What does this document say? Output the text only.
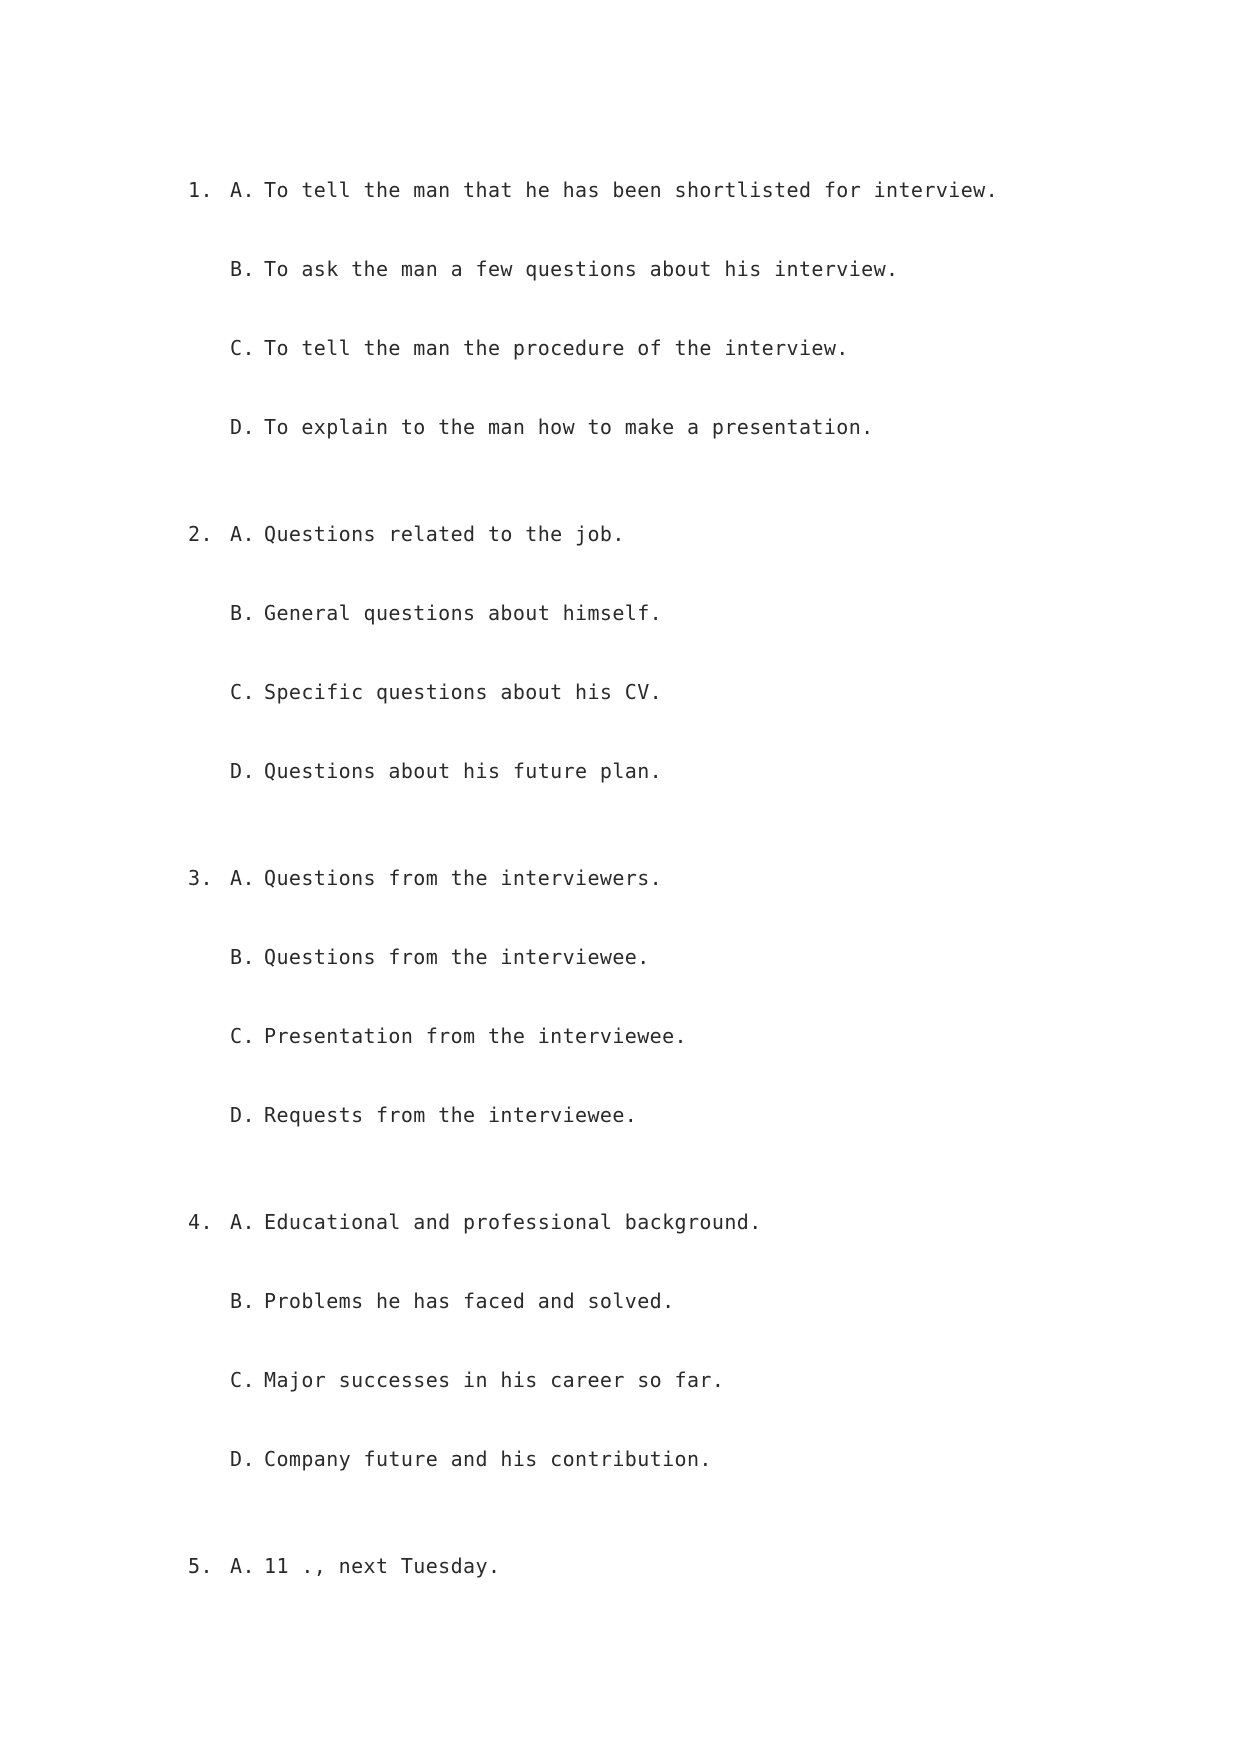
1. A. To tell the man that he has been shortlisted for interview.
B. To ask the man a few questions about his interview.
C. To tell the man the procedure of the interview.
D. To explain to the man how to make a presentation.
2. A. Questions related to the job.
B. General questions about himself.
C. Specific questions about his CV.
D. Questions about his future plan.
3. A. Questions from the interviewers.
B. Questions from the interviewee.
C. Presentation from the interviewee.
D. Requests from the interviewee.
4. A. Educational and professional background.
B. Problems he has faced and solved.
C. Major successes in his career so far.
D. Company future and his contribution.
5. A. 11 ., next Tuesday.
